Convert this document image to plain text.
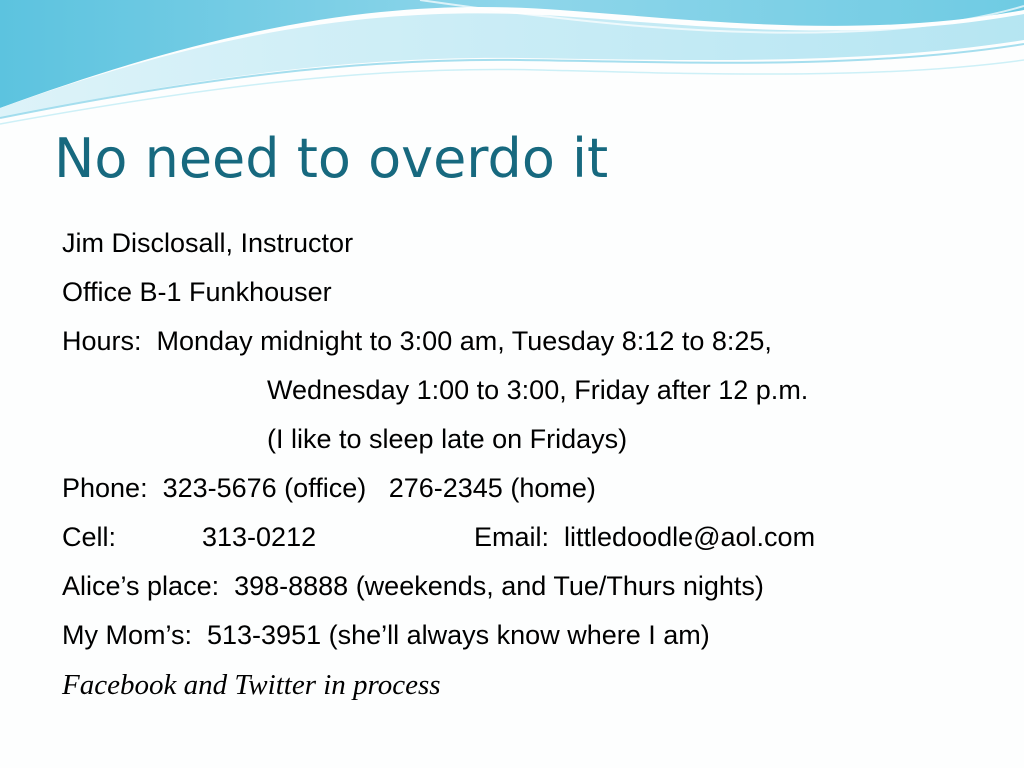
No need to overdo it
Jim Disclosall, Instructor
Office B-1 Funkhouser
Hours:  Monday midnight to 3:00 am, Tuesday 8:12 to 8:25,
Wednesday 1:00 to 3:00, Friday after 12 p.m.
(I like to sleep late on Fridays)
Phone:  323-5676 (office)   276-2345 (home)
Cell:	313-0212	Email:  littledoodle@aol.com
Alice’s place:  398-8888 (weekends, and Tue/Thurs nights)
My Mom’s:  513-3951 (she’ll always know where I am)
Facebook and Twitter in process
